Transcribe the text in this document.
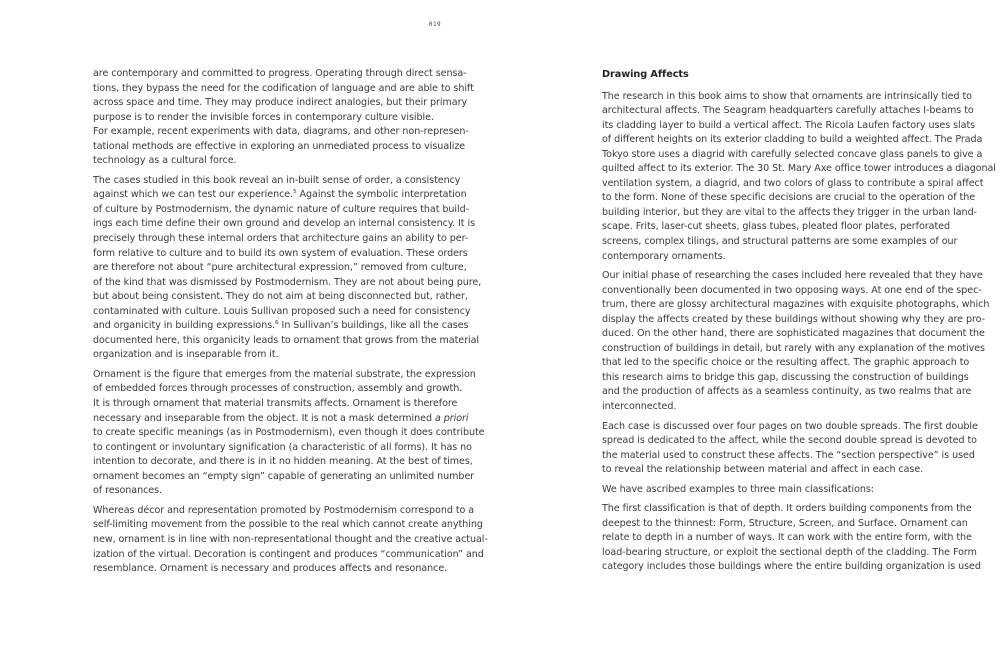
019

are contemporary and committed to progress. Operating through direct sensa-
tions, they bypass the need for the codification of language and are able to shift
across space and time. They may produce indirect analogies, but their primary
purpose is to render the invisible forces in contemporary culture visible.
For example, recent experiments with data, diagrams, and other non-represen-
tational methods are effective in exploring an unmediated process to visualize
technology as a cultural force.

The cases studied in this book reveal an in-built sense of order, a consistency
against which we can test our experience.$^5$ Against the symbolic interpretation
of culture by Postmodernism, the dynamic nature of culture requires that build-
ings each time define their own ground and develop an internal consistency. It is
precisely through these internal orders that architecture gains an ability to per-
form relative to culture and to build its own system of evaluation. These orders
are therefore not about “pure architectural expression,” removed from culture,
of the kind that was dismissed by Postmodernism. They are not about being pure,
but about being consistent. They do not aim at being disconnected but, rather,
contaminated with culture. Louis Sullivan proposed such a need for consistency
and organicity in building expressions.$^6$ In Sullivan’s buildings, like all the cases
documented here, this organicity leads to ornament that grows from the material
organization and is inseparable from it.

Ornament is the figure that emerges from the material substrate, the expression
of embedded forces through processes of construction, assembly and growth.
It is through ornament that material transmits affects. Ornament is therefore
necessary and inseparable from the object. It is not a mask determined a priori
to create specific meanings (as in Postmodernism), even though it does contribute
to contingent or involuntary signification (a characteristic of all forms). It has no
intention to decorate, and there is in it no hidden meaning. At the best of times,
ornament becomes an “empty sign” capable of generating an unlimited number
of resonances.

Whereas décor and representation promoted by Postmodernism correspond to a
self-limiting movement from the possible to the real which cannot create anything
new, ornament is in line with non-representational thought and the creative actual-
ization of the virtual. Decoration is contingent and produces “communication” and
resemblance. Ornament is necessary and produces affects and resonance.

Drawing Affects

The research in this book aims to show that ornaments are intrinsically tied to
architectural affects. The Seagram headquarters carefully attaches I-beams to
its cladding layer to build a vertical affect. The Ricola Laufen factory uses slats
of different heights on its exterior cladding to build a weighted affect. The Prada
Tokyo store uses a diagrid with carefully selected concave glass panels to give a
quilted affect to its exterior. The 30 St. Mary Axe office tower introduces a diagonal
ventilation system, a diagrid, and two colors of glass to contribute a spiral affect
to the form. None of these specific decisions are crucial to the operation of the
building interior, but they are vital to the affects they trigger in the urban land-
scape. Frits, laser-cut sheets, glass tubes, pleated floor plates, perforated
screens, complex tilings, and structural patterns are some examples of our
contemporary ornaments.

Our initial phase of researching the cases included here revealed that they have
conventionally been documented in two opposing ways. At one end of the spec-
trum, there are glossy architectural magazines with exquisite photographs, which
display the affects created by these buildings without showing why they are pro-
duced. On the other hand, there are sophisticated magazines that document the
construction of buildings in detail, but rarely with any explanation of the motives
that led to the specific choice or the resulting affect. The graphic approach to
this research aims to bridge this gap, discussing the construction of buildings
and the production of affects as a seamless continuity, as two realms that are
interconnected.

Each case is discussed over four pages on two double spreads. The first double
spread is dedicated to the affect, while the second double spread is devoted to
the material used to construct these affects. The “section perspective” is used
to reveal the relationship between material and affect in each case.

We have ascribed examples to three main classifications:

The first classification is that of depth. It orders building components from the
deepest to the thinnest: Form, Structure, Screen, and Surface. Ornament can
relate to depth in a number of ways. It can work with the entire form, with the
load-bearing structure, or exploit the sectional depth of the cladding. The Form
category includes those buildings where the entire building organization is used
